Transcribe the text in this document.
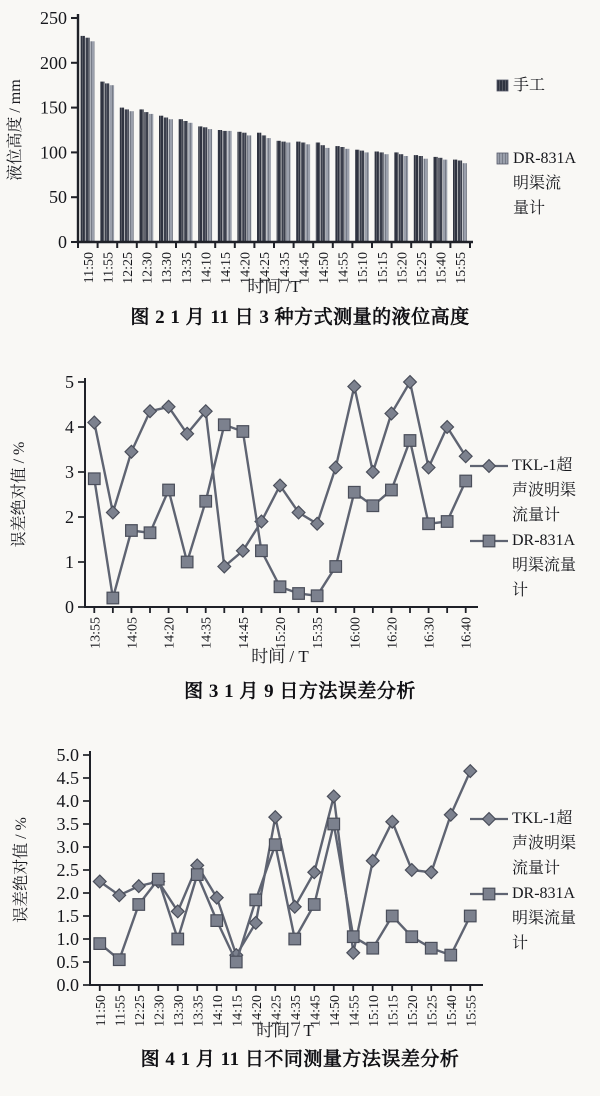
0
50
100
150
200
250
11:50 11:55 12:25 12:30 13:30 13:35 14:10 14:15 14:20 14:25 14:35 14:45 14:50 14:55 15:10 15:15 15:20 15:25 15:40 15:55
时间 /T
液位高度 / mm	手工
DR-831A
明渠流
量计
图 2 1 月 11 日 3 种方式测量的液位高度
0
1
2
3
4
5
13:55 14:05 14:20 14:35 14:45 15:20 15:35 16:00 16:20 16:30 16:40
时间 / T
误差绝对值 / %	TKL-1超
声波明渠
流量计
DR-831A
明渠流量
计
图 3 1 月 9 日方法误差分析
0.0
0.5
1.0
1.5
2.0
2.5
3.0
3.5
4.0
4.5
5.0
11:50 11:55 12:25 12:30 13:30 13:35 14:10 14:15 14:20 14:25 14:35 14:45 14:50 14:55 15:10 15:15 15:20 15:25 15:40 15:55
时间 / T
误差绝对值 / %	TKL-1超
声波明渠
流量计
DR-831A
明渠流量
计
图 4 1 月 11 日不同测量方法误差分析
